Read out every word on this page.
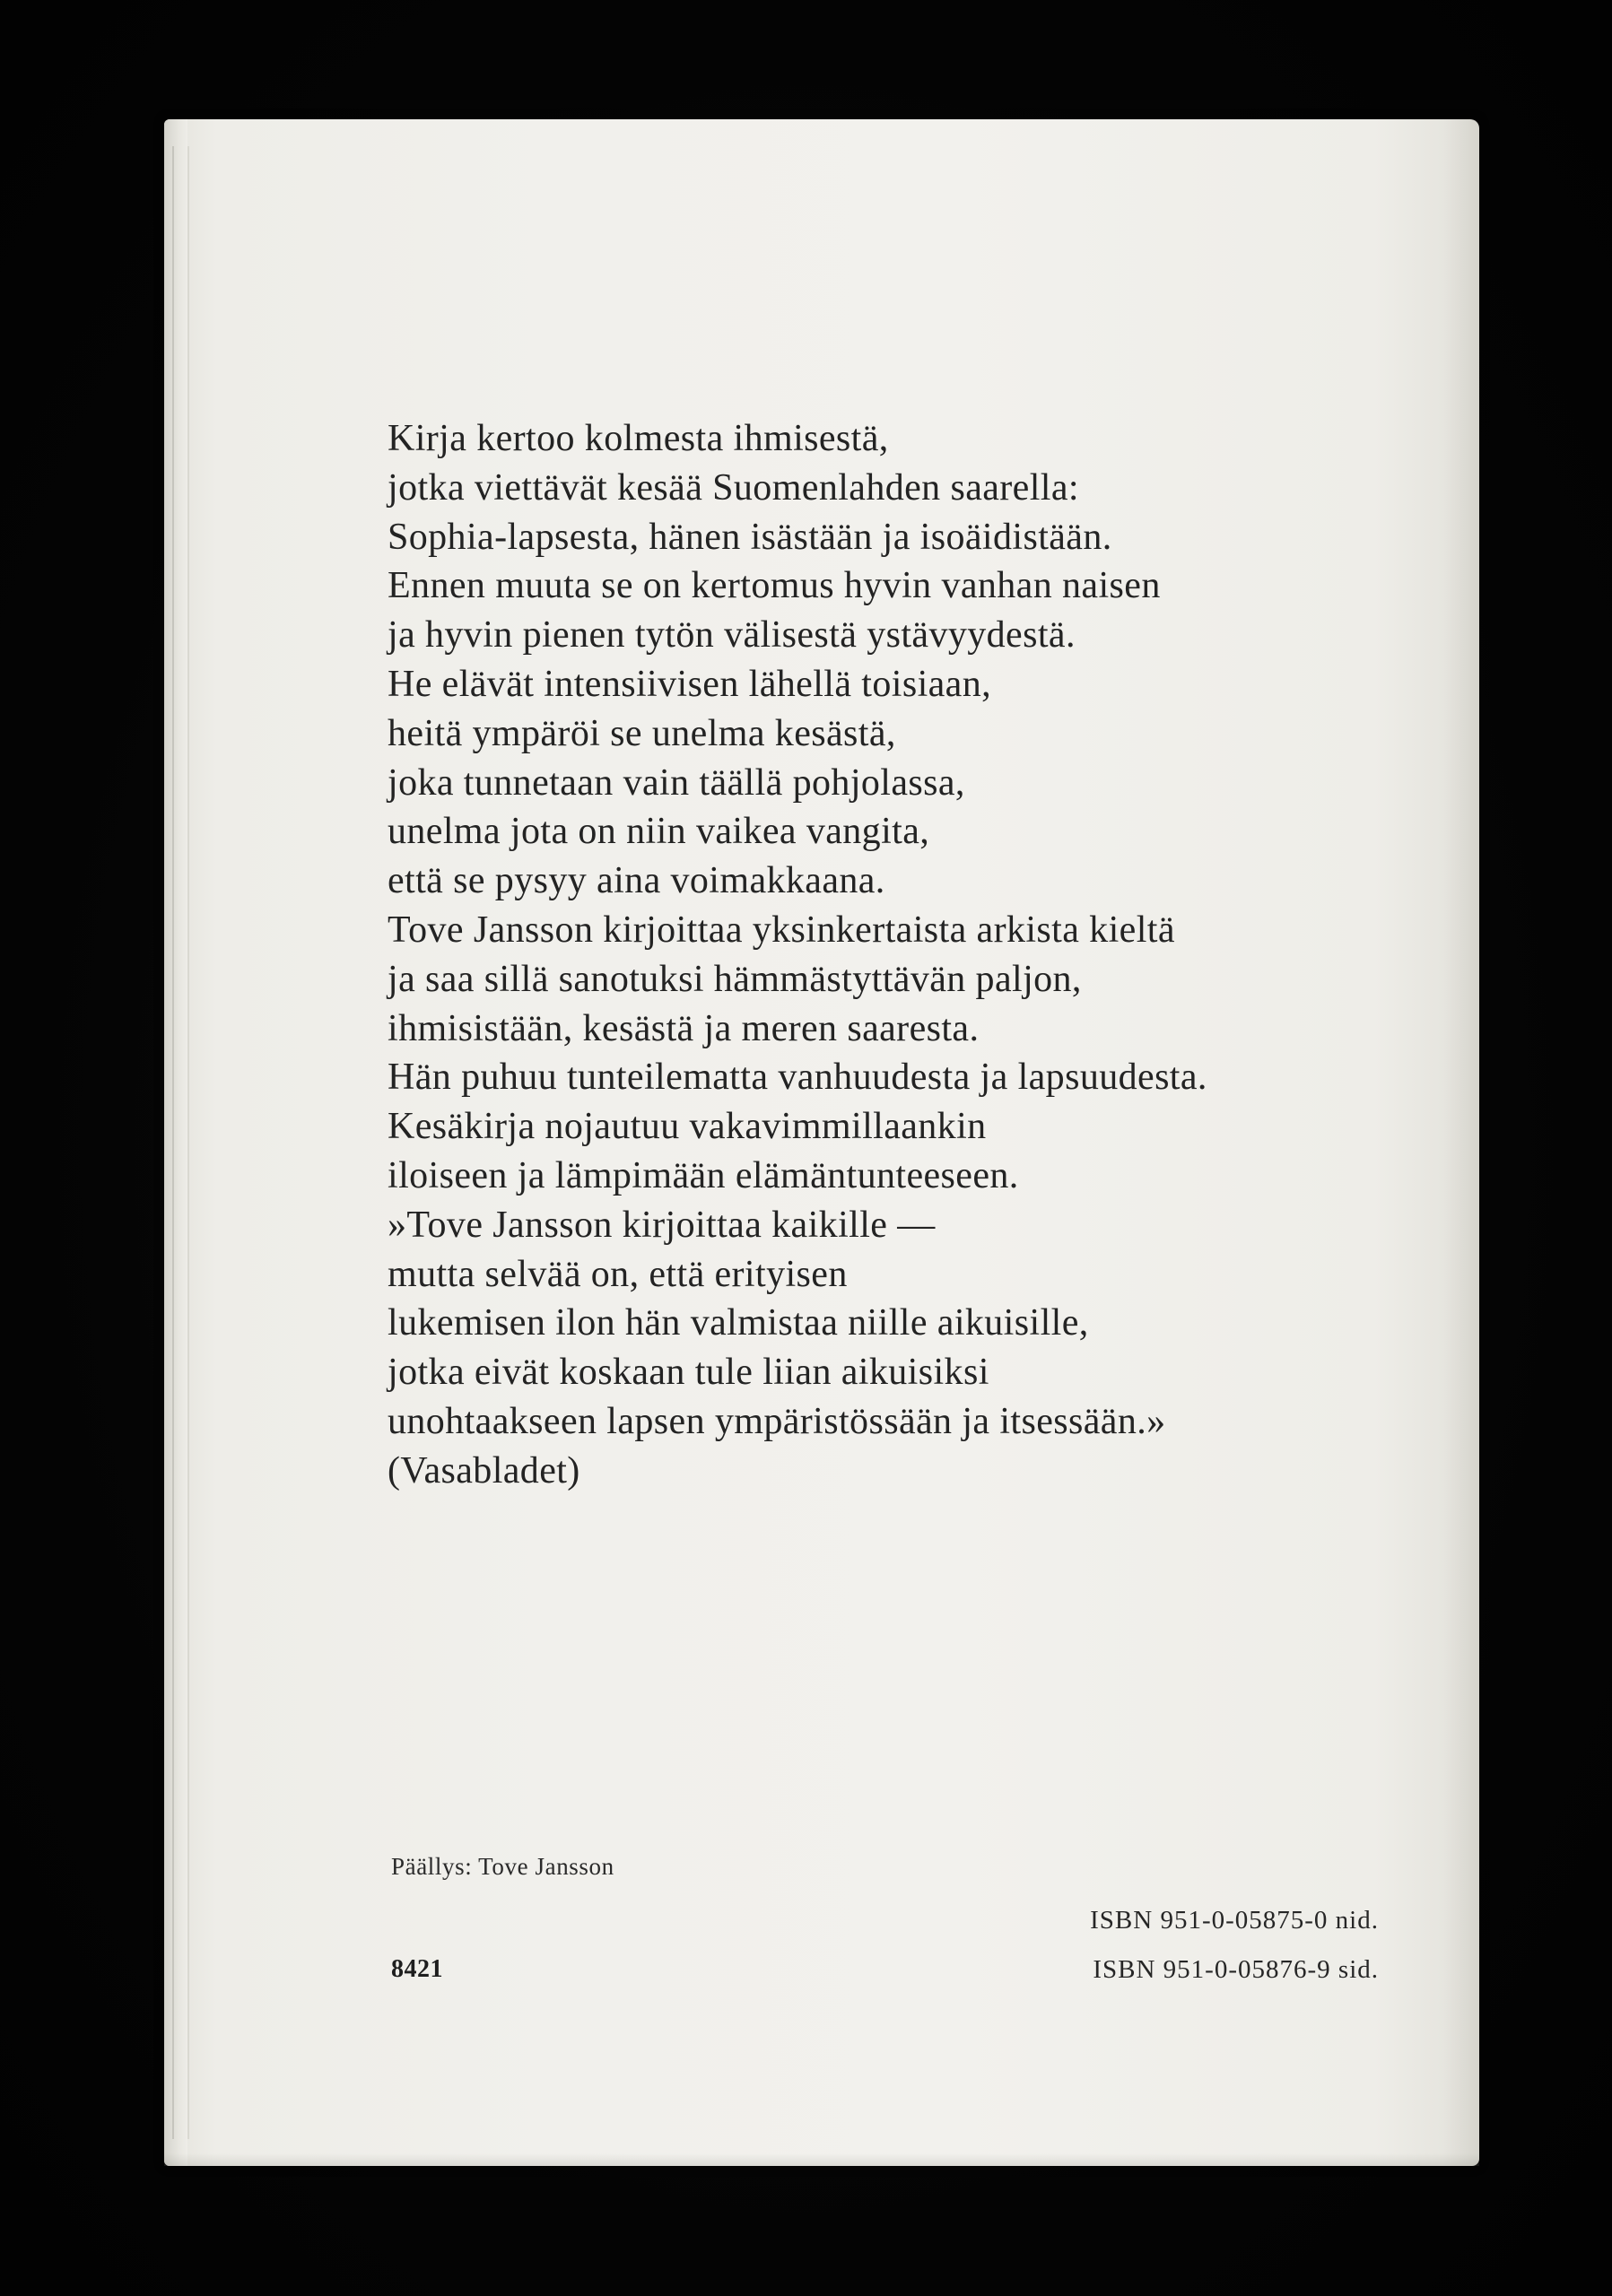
Kirja kertoo kolmesta ihmisestä,
jotka viettävät kesää Suomenlahden saarella:
Sophia-lapsesta, hänen isästään ja isoäidistään.
Ennen muuta se on kertomus hyvin vanhan naisen
ja hyvin pienen tytön välisestä ystävyydestä.
He elävät intensiivisen lähellä toisiaan,
heitä ympäröi se unelma kesästä,
joka tunnetaan vain täällä pohjolassa,
unelma jota on niin vaikea vangita,
että se pysyy aina voimakkaana.
Tove Jansson kirjoittaa yksinkertaista arkista kieltä
ja saa sillä sanotuksi hämmästyttävän paljon,
ihmisistään, kesästä ja meren saaresta.
Hän puhuu tunteilematta vanhuudesta ja lapsuudesta.
Kesäkirja nojautuu vakavimmillaankin
iloiseen ja lämpimään elämäntunteeseen.
»Tove Jansson kirjoittaa kaikille —
mutta selvää on, että erityisen
lukemisen ilon hän valmistaa niille aikuisille,
jotka eivät koskaan tule liian aikuisiksi
unohtaakseen lapsen ympäristössään ja itsessään.»
(Vasabladet)
Päällys: Tove Jansson
8421
ISBN 951-0-05875-0 nid.
ISBN 951-0-05876-9 sid.
